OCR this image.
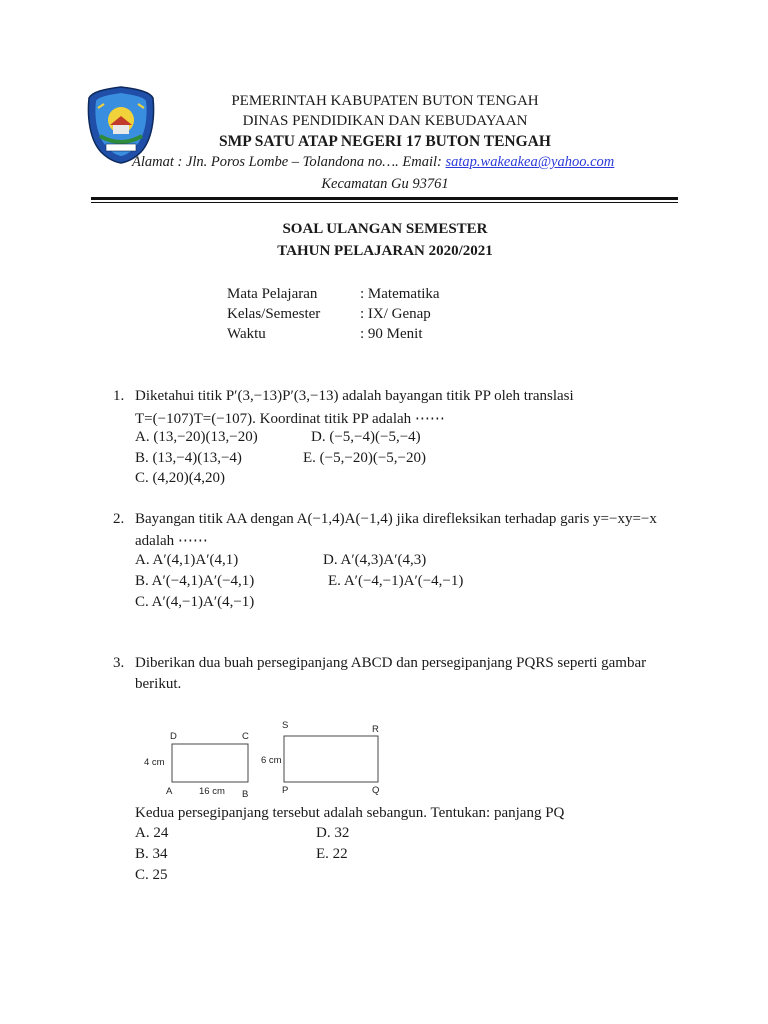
PEMERINTAH KABUPATEN BUTON TENGAH
DINAS PENDIDIKAN DAN KEBUDAYAAN
SMP SATU ATAP NEGERI 17 BUTON TENGAH
Alamat : Jln. Poros Lombe – Tolandona no…. Email: satap.wakeakea@yahoo.com
Kecamatan Gu 93761
SOAL ULANGAN SEMESTER
TAHUN PELAJARAN 2020/2021
Mata Pelajaran	: Matematika
Kelas/Semester	: IX/ Genap
Waktu	: 90 Menit
1. Diketahui titik P′(3,−13)P′(3,−13) adalah bayangan titik PP oleh translasi
T=(−107)T=(−107). Koordinat titik PP adalah ⋯⋯
A. (13,−20)(13,−20)	D. (−5,−4)(−5,−4)
B. (13,−4)(13,−4)	E. (−5,−20)(−5,−20)
C. (4,20)(4,20)
2. Bayangan titik AA dengan A(−1,4)A(−1,4) jika direfleksikan terhadap garis y=−xy=−x
adalah ⋯⋯
A. A′(4,1)A′(4,1)	D. A′(4,3)A′(4,3)
B. A′(−4,1)A′(−4,1)	E. A′(−4,−1)A′(−4,−1)
C. A′(4,−1)A′(4,−1)
3. Diberikan dua buah persegipanjang ABCD dan persegipanjang PQRS seperti gambar
berikut.
D	C
A	B
4 cm
16 cm
S	R
P	Q
6 cm
Kedua persegipanjang tersebut adalah sebangun. Tentukan: panjang PQ
A. 24	D. 32
B. 34	E. 22
C. 25
